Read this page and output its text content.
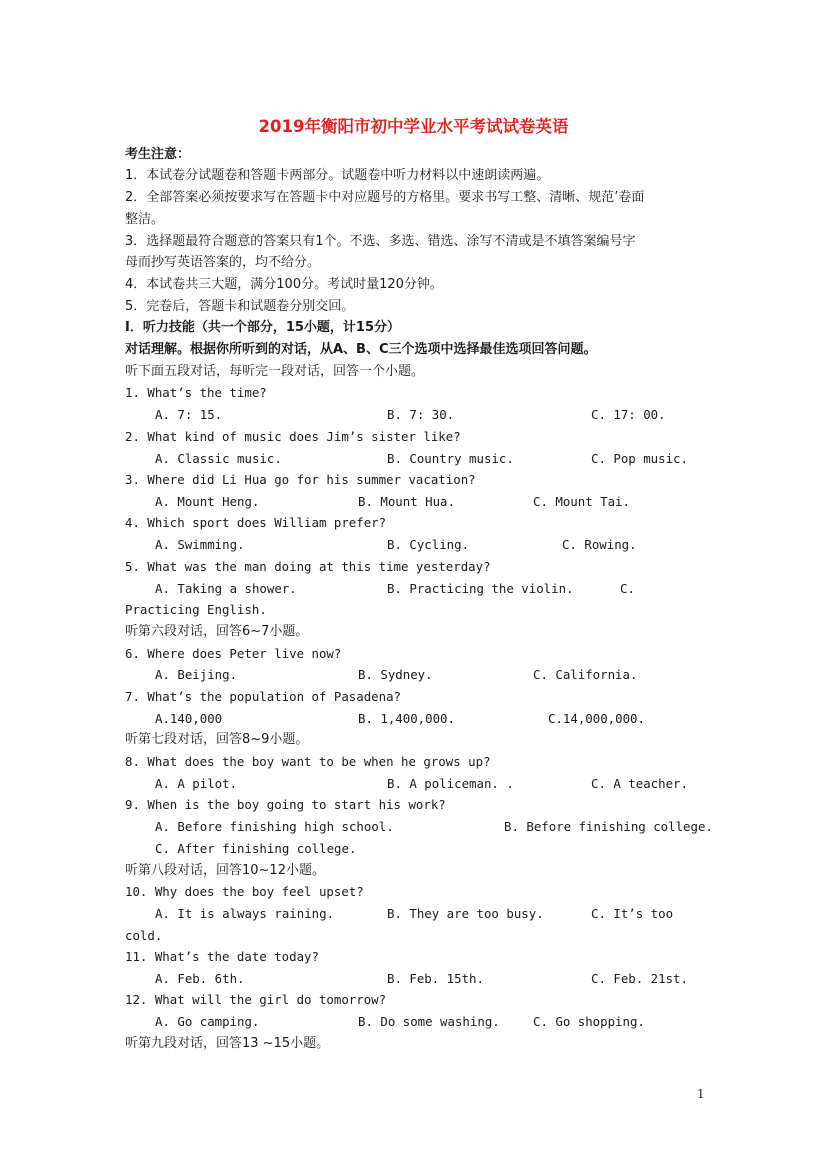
2019年衡阳市初中学业水平考试试卷英语
考生注意：
1．本试卷分试题卷和答题卡两部分。试题卷中听力材料以中速朗读两遍。
2．全部答案必须按要求写在答题卡中对应题号的方格里。要求书写工整、清晰、规范’卷面
整洁。
3．选择题最符合题意的答案只有1个。不选、多选、错选、涂写不清或是不填答案编号字
母而抄写英语答案的，均不给分。
4．本试卷共三大题，满分100分。考试时量120分钟。
5．完卷后，答题卡和试题卷分别交回。
I．听力技能（共一个部分，15小题，计15分）
对话理解。根据你所听到的对话，从A、B、C三个选项中选择最佳选项回答问题。
听下面五段对话，每听完一段对话，回答一个小题。
1. What’s the time?
A. 7: 15.	B. 7: 30.	C. 17: 00.
2. What kind of music does Jim’s sister like?
A. Classic music.	B. Country music.	C. Pop music.
3. Where did Li Hua go for his summer vacation?
A. Mount Heng.	B. Mount Hua.	C. Mount Tai.
4. Which sport does William prefer?
A. Swimming.	B. Cycling.	C. Rowing.
5. What was the man doing at this time yesterday?
A. Taking a shower.	B. Practicing the violin.	C.
Practicing English.
听第六段对话，回答6~7小题。
6. Where does Peter live now?
A. Beijing.	B. Sydney.	C. California.
7. What’s the population of Pasadena?
A.140,000	B. 1,400,000.	C.14,000,000.
听第七段对话，回答8~9小题。
8. What does the boy want to be when he grows up?
A. A pilot.	B. A policeman. .	C. A teacher.
9. When is the boy going to start his work?
A. Before finishing high school.	B. Before finishing college.
C. After finishing college.
听第八段对话，回答10~12小题。
10. Why does the boy feel upset?
A. It is always raining.	B. They are too busy.	C. It’s too
cold.
11. What’s the date today?
A. Feb. 6th.	B. Feb. 15th.	C. Feb. 21st.
12. What will the girl do tomorrow?
A. Go camping.	B. Do some washing.	C. Go shopping.
听第九段对话，回答13 ~15小题。
1
